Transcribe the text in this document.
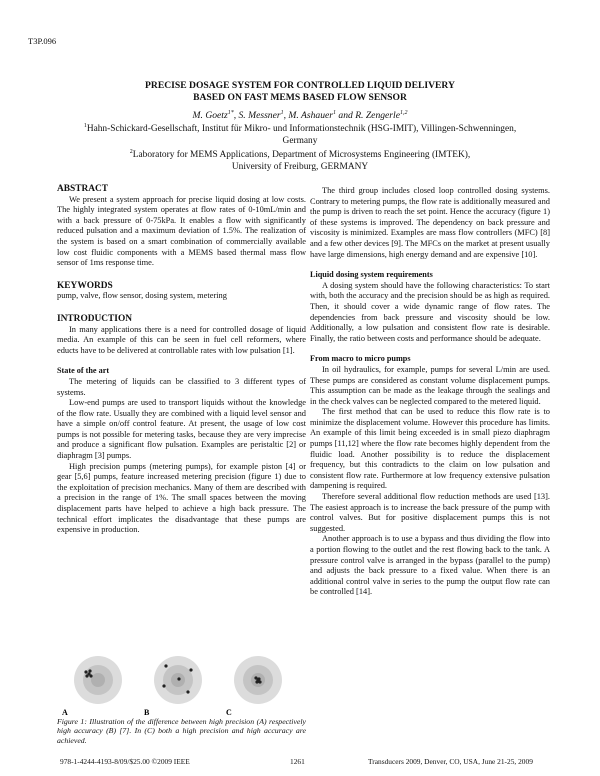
T3P.096
PRECISE DOSAGE SYSTEM FOR CONTROLLED LIQUID DELIVERY
BASED ON FAST MEMS BASED FLOW SENSOR
M. Goetz$^{1*}$, S. Messner$^1$, M. Ashauer$^1$ and R. Zengerle$^{1,2}$
$^1$Hahn-Schickard-Gesellschaft, Institut für Mikro- und Informationstechnik (HSG-IMIT), Villingen-Schwenningen, Germany
$^2$Laboratory for MEMS Applications, Department of Microsystems Engineering (IMTEK),
University of Freiburg, GERMANY
ABSTRACT

We present a system approach for precise liquid dosing at low costs. The highly integrated system operates at flow rates of 0-10mL/min and with a back pressure of 0-75kPa. It enables a flow with significantly reduced pulsation and a maximum deviation of 1.5%. The realization of the system is based on a smart combination of commercially available low cost fluidic components with a MEMS based thermal mass flow sensor of 1ms response time.

KEYWORDS

pump, valve, flow sensor, dosing system, metering

INTRODUCTION

In many applications there is a need for controlled dosage of liquid media. An example of this can be seen in fuel cell reformers, where educts have to be delivered at controllable rates with low pulsation [1].

State of the art

The metering of liquids can be classified to 3 different types of systems.

Low-end pumps are used to transport liquids without the knowledge of the flow rate. Usually they are combined with a liquid level sensor and have a simple on/off control feature. At present, the usage of low cost pumps is not possible for metering tasks, because they are very imprecise and produce a significant flow pulsation. Examples are peristaltic [2] or diaphragm [3] pumps.

High precision pumps (metering pumps), for example piston [4] or gear [5,6] pumps, feature increased metering precision (figure 1) due to the exploitation of precision mechanics. Many of them are described with a precision in the range of 1%. The small spaces between the moving displacement parts have helped to achieve a high back pressure. The technical effort implicates the disadvantage that these pumps are expensive in production.

A	B	C
Figure 1: Illustration of the difference between high precision (A) respectively high accuracy (B) [7]. In (C) both a high precision and high accuracy are achieved.

The third group includes closed loop controlled dosing systems. Contrary to metering pumps, the flow rate is additionally measured and the pump is driven to reach the set point. Hence the accuracy (figure 1) of these systems is improved. The dependency on back pressure and viscosity is minimized. Examples are mass flow controllers (MFC) [8] and a few other devices [9]. The MFCs on the market at present usually have large dimensions, high energy demand and are expensive [10].

Liquid dosing system requirements

A dosing system should have the following characteristics: To start with, both the accuracy and the precision should be as high as required. Then, it should cover a wide dynamic range of flow rates. The dependencies from back pressure and viscosity should be low. Additionally, a low pulsation and consistent flow rate is desirable. Finally, the ratio between costs and performance should be adequate.

From macro to micro pumps

In oil hydraulics, for example, pumps for several L/min are used. These pumps are considered as constant volume displacement pumps. This assumption can be made as the leakage through the sealings and in the check valves can be neglected compared to the metered liquid.

The first method that can be used to reduce this flow rate is to minimize the displacement volume. However this procedure has limits. An example of this limit being exceeded is in small piezo diaphragm pumps [11,12] where the flow rate becomes highly dependent from the fluidic load. Another possibility is to reduce the displacement frequency, but this contradicts to the claim on low pulsation and consistent flow rate. Furthermore at low frequency extensive pulsation dampening is required.

Therefore several additional flow reduction methods are used [13]. The easiest approach is to increase the back pressure of the pump with control valves. But for positive displacement pumps this is not suggested.

Another approach is to use a bypass and thus dividing the flow into a portion flowing to the outlet and the rest flowing back to the tank. A pressure control valve is arranged in the bypass (parallel to the pump) and adjusts the back pressure to a fixed value. When there is an additional control valve in series to the pump the output flow rate can be controlled [14].

978-1-4244-4193-8/09/$25.00 ©2009 IEEE	1261	Transducers 2009, Denver, CO, USA, June 21-25, 2009
